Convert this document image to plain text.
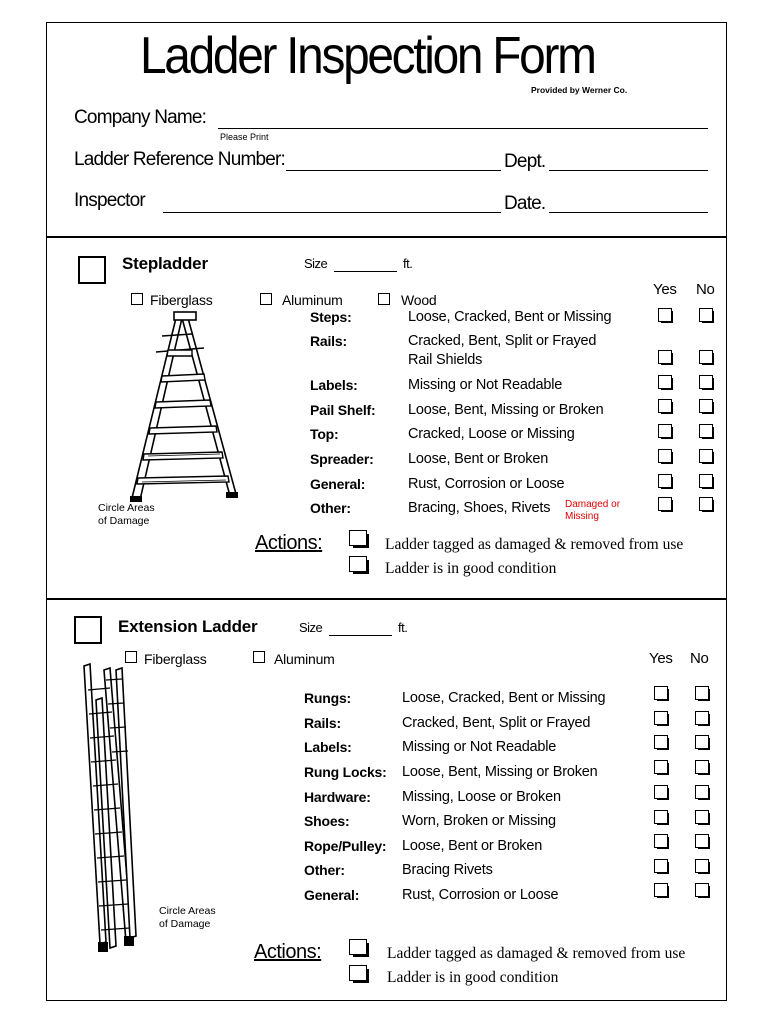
Ladder Inspection Form
Provided by Werner Co.
Company Name:
Please Print
Ladder Reference Number:	Dept.
Inspector	Date.
Stepladder	Size	ft.
Fiberglass	Aluminum	Wood
Yes No
Circle Areas
of Damage
Steps:	Loose, Cracked, Bent or Missing
Rails:	Cracked, Bent, Split or Frayed
Rail Shields
Labels:	Missing or Not Readable
Pail Shelf: Loose, Bent, Missing or Broken
Top:	Cracked, Loose or Missing
Spreader: Loose, Bent or Broken
General:	Rust, Corrosion or Loose
Other:	Bracing, Shoes, Rivets Damaged or
Missing
Actions:	Ladder tagged as damaged & removed from use
Ladder is in good condition
Extension Ladder	Size	ft.
Fiberglass	Aluminum	Yes No
Circle Areas
of Damage
Rungs:	Loose, Cracked, Bent or Missing
Rails:	Cracked, Bent, Split or Frayed
Labels:	Missing or Not Readable
Rung Locks: Loose, Bent, Missing or Broken
Hardware: Missing, Loose or Broken
Shoes:	Worn, Broken or Missing
Rope/Pulley: Loose, Bent or Broken
Other:	Bracing Rivets
General:	Rust, Corrosion or Loose
Actions:	Ladder tagged as damaged & removed from use
Ladder is in good condition
